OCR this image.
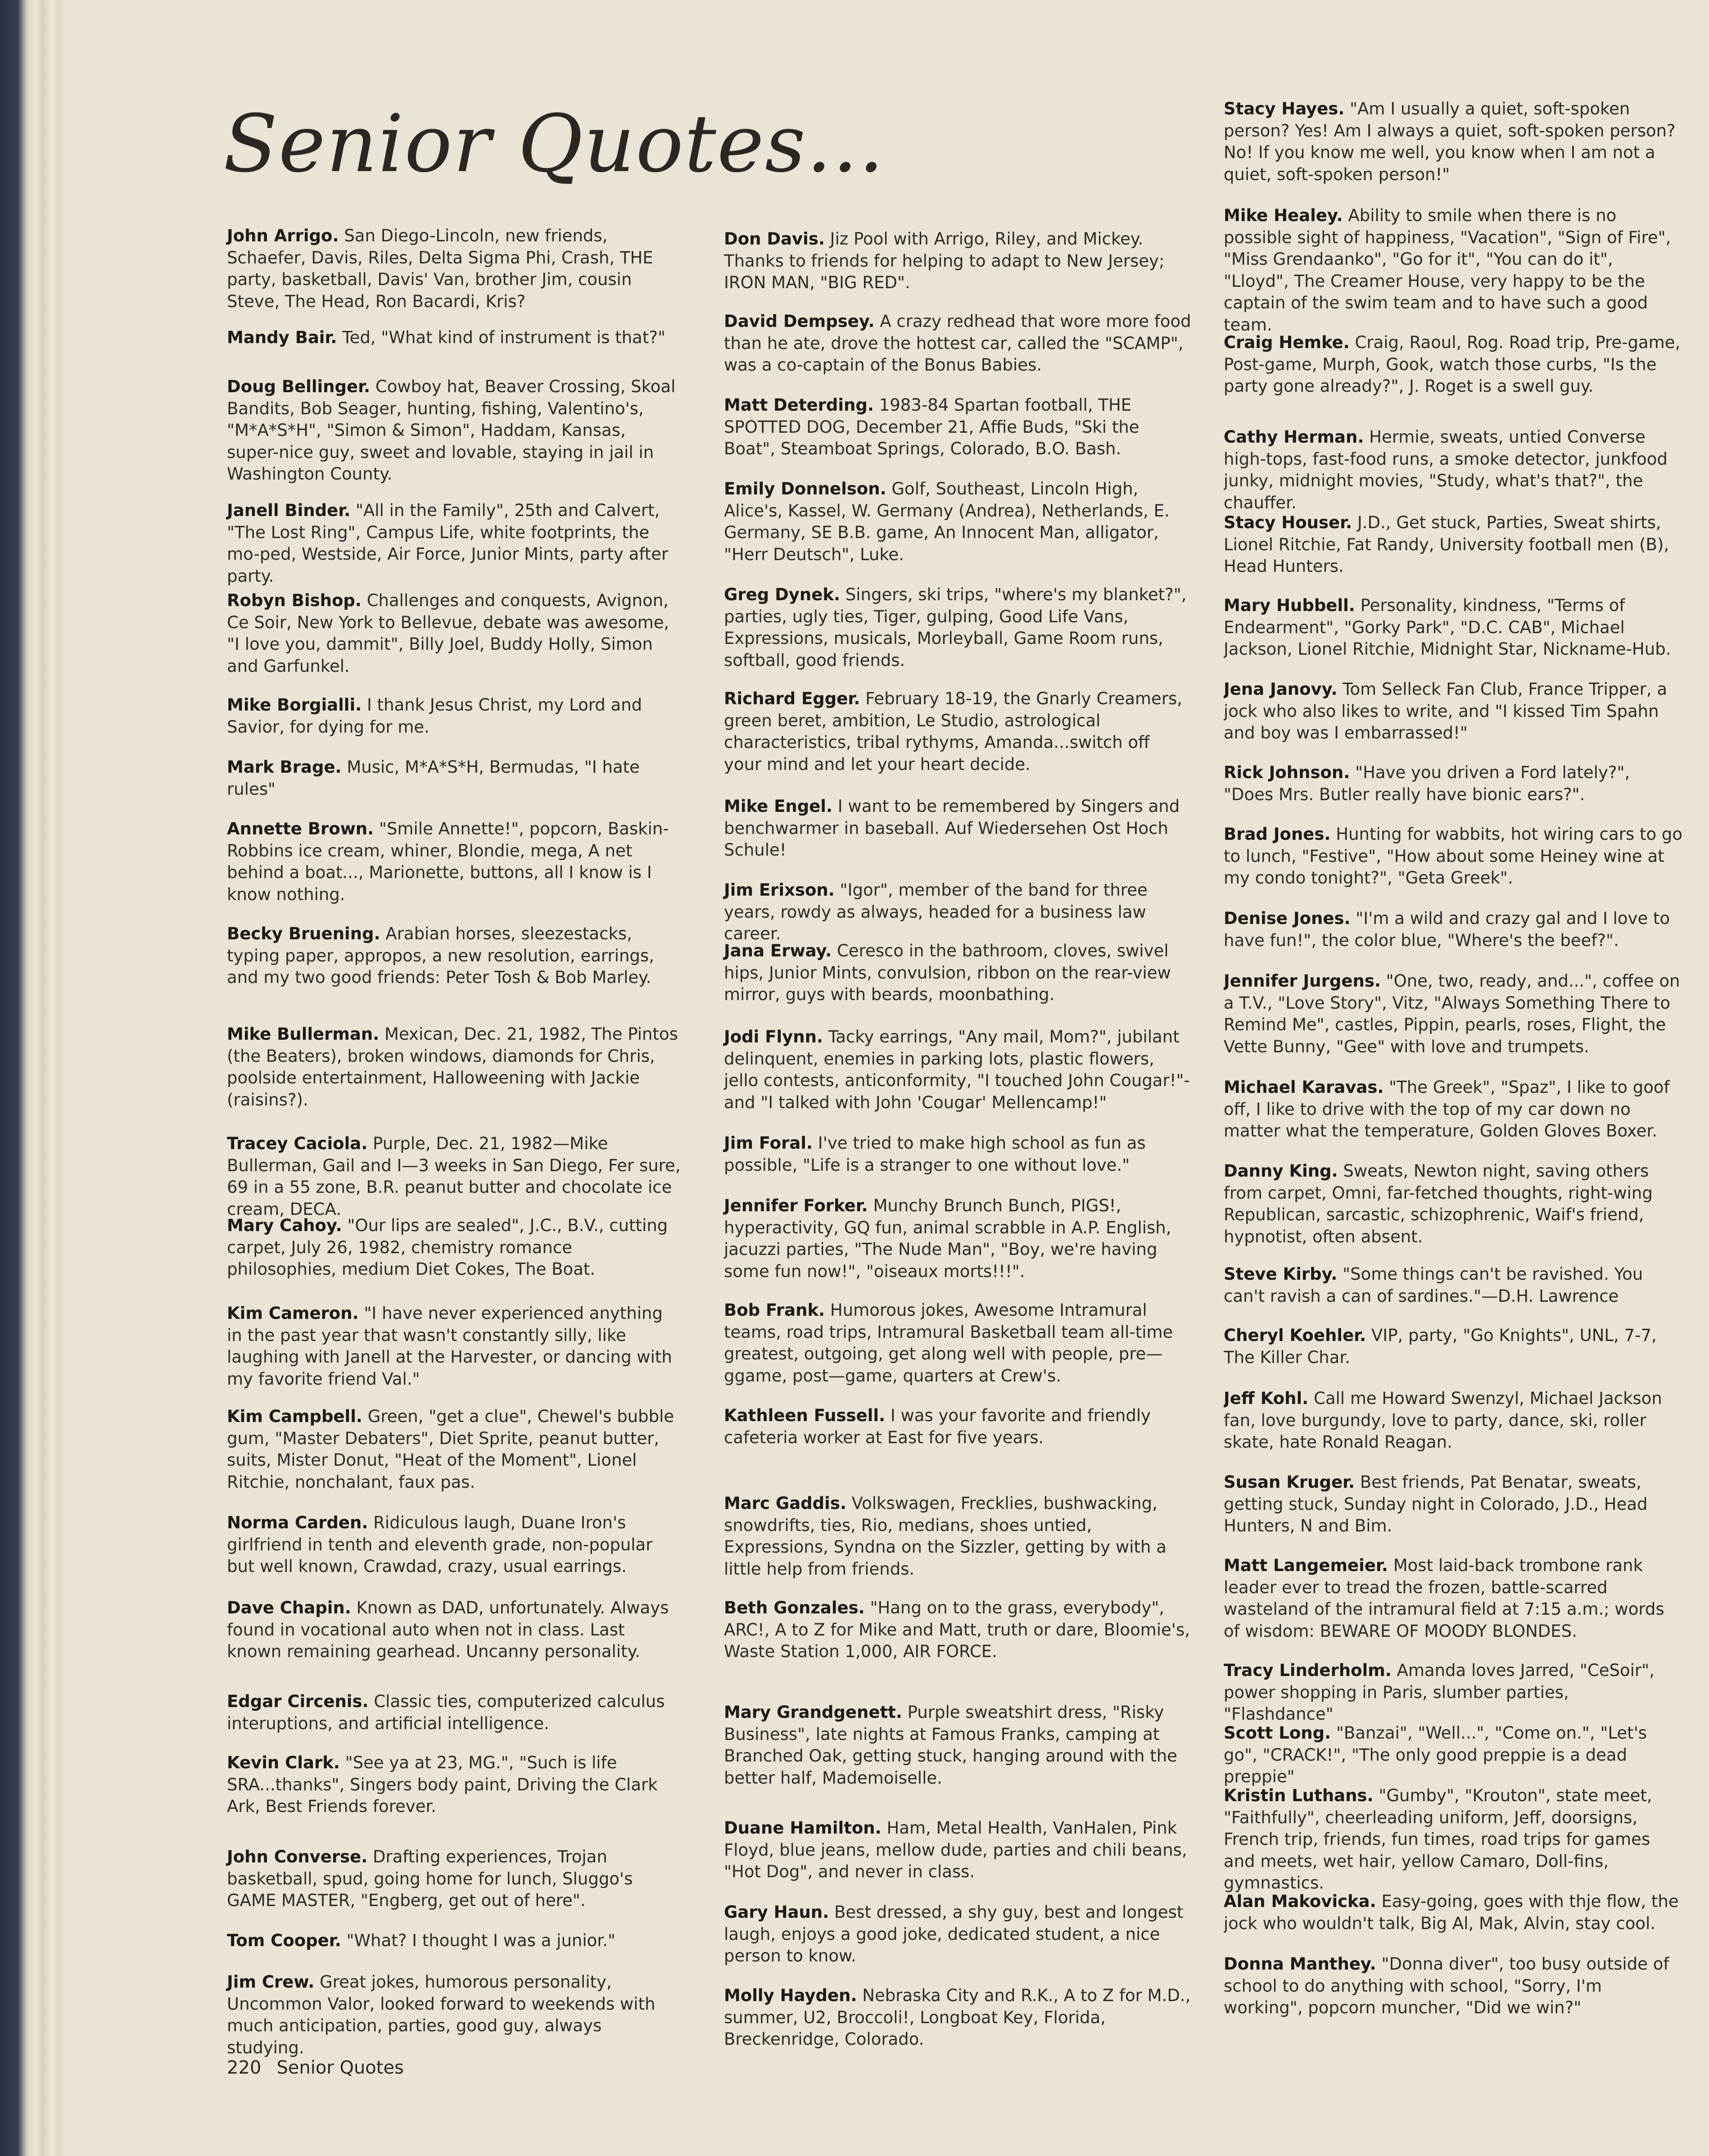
Senior Quotes...

John Arrigo. San Diego-Lincoln, new friends, Schaefer, Davis, Riles, Delta Sigma Phi, Crash, THE party, basketball, Davis' Van, brother Jim, cousin Steve, The Head, Ron Bacardi, Kris?

Mandy Bair. Ted, "What kind of instrument is that?"

Doug Bellinger. Cowboy hat, Beaver Crossing, Skoal Bandits, Bob Seager, hunting, fishing, Valentino's, "M*A*S*H", "Simon & Simon", Haddam, Kansas, super-nice guy, sweet and lovable, staying in jail in Washington County.

Janell Binder. "All in the Family", 25th and Calvert, "The Lost Ring", Campus Life, white footprints, the mo-ped, Westside, Air Force, Junior Mints, party after party.

Robyn Bishop. Challenges and conquests, Avignon, Ce Soir, New York to Bellevue, debate was awesome, "I love you, dammit", Billy Joel, Buddy Holly, Simon and Garfunkel.

Mike Borgialli. I thank Jesus Christ, my Lord and Savior, for dying for me.

Mark Brage. Music, M*A*S*H, Bermudas, "I hate rules"

Annette Brown. "Smile Annette!", popcorn, Baskin-Robbins ice cream, whiner, Blondie, mega, A net behind a boat..., Marionette, buttons, all I know is I know nothing.

Becky Bruening. Arabian horses, sleezestacks, typing paper, appropos, a new resolution, earrings, and my two good friends: Peter Tosh & Bob Marley.

Mike Bullerman. Mexican, Dec. 21, 1982, The Pintos (the Beaters), broken windows, diamonds for Chris, poolside entertainment, Halloweening with Jackie (raisins?).

Tracey Caciola. Purple, Dec. 21, 1982—Mike Bullerman, Gail and I—3 weeks in San Diego, Fer sure, 69 in a 55 zone, B.R. peanut butter and chocolate ice cream, DECA.

Mary Cahoy. "Our lips are sealed", J.C., B.V., cutting carpet, July 26, 1982, chemistry romance philosophies, medium Diet Cokes, The Boat.

Kim Cameron. "I have never experienced anything in the past year that wasn't constantly silly, like laughing with Janell at the Harvester, or dancing with my favorite friend Val."

Kim Campbell. Green, "get a clue", Chewel's bubble gum, "Master Debaters", Diet Sprite, peanut butter, suits, Mister Donut, "Heat of the Moment", Lionel Ritchie, nonchalant, faux pas.

Norma Carden. Ridiculous laugh, Duane Iron's girlfriend in tenth and eleventh grade, non-popular but well known, Crawdad, crazy, usual earrings.

Dave Chapin. Known as DAD, unfortunately. Always found in vocational auto when not in class. Last known remaining gearhead. Uncanny personality.

Edgar Circenis. Classic ties, computerized calculus interuptions, and artificial intelligence.

Kevin Clark. "See ya at 23, MG.", "Such is life SRA...thanks", Singers body paint, Driving the Clark Ark, Best Friends forever.

John Converse. Drafting experiences, Trojan basketball, spud, going home for lunch, Sluggo's GAME MASTER, "Engberg, get out of here".

Tom Cooper. "What? I thought I was a junior."

Jim Crew. Great jokes, humorous personality, Uncommon Valor, looked forward to weekends with much anticipation, parties, good guy, always studying.

Don Davis. Jiz Pool with Arrigo, Riley, and Mickey. Thanks to friends for helping to adapt to New Jersey; IRON MAN, "BIG RED".

David Dempsey. A crazy redhead that wore more food than he ate, drove the hottest car, called the "SCAMP", was a co-captain of the Bonus Babies.

Matt Deterding. 1983-84 Spartan football, THE SPOTTED DOG, December 21, Affie Buds, "Ski the Boat", Steamboat Springs, Colorado, B.O. Bash.

Emily Donnelson. Golf, Southeast, Lincoln High, Alice's, Kassel, W. Germany (Andrea), Netherlands, E. Germany, SE B.B. game, An Innocent Man, alligator, "Herr Deutsch", Luke.

Greg Dynek. Singers, ski trips, "where's my blanket?", parties, ugly ties, Tiger, gulping, Good Life Vans, Expressions, musicals, Morleyball, Game Room runs, softball, good friends.

Richard Egger. February 18-19, the Gnarly Creamers, green beret, ambition, Le Studio, astrological characteristics, tribal rythyms, Amanda...switch off your mind and let your heart decide.

Mike Engel. I want to be remembered by Singers and benchwarmer in baseball. Auf Wiedersehen Ost Hoch Schule!

Jim Erixson. "Igor", member of the band for three years, rowdy as always, headed for a business law career.

Jana Erway. Ceresco in the bathroom, cloves, swivel hips, Junior Mints, convulsion, ribbon on the rear-view mirror, guys with beards, moonbathing.

Jodi Flynn. Tacky earrings, "Any mail, Mom?", jubilant delinquent, enemies in parking lots, plastic flowers, jello contests, anticonformity, "I touched John Cougar!"-and "I talked with John 'Cougar' Mellencamp!"

Jim Foral. I've tried to make high school as fun as possible, "Life is a stranger to one without love."

Jennifer Forker. Munchy Brunch Bunch, PIGS!, hyperactivity, GQ fun, animal scrabble in A.P. English, jacuzzi parties, "The Nude Man", "Boy, we're having some fun now!", "oiseaux morts!!!".

Bob Frank. Humorous jokes, Awesome Intramural teams, road trips, Intramural Basketball team all-time greatest, outgoing, get along well with people, pre—ggame, post—game, quarters at Crew's.

Kathleen Fussell. I was your favorite and friendly cafeteria worker at East for five years.

Marc Gaddis. Volkswagen, Frecklies, bushwacking, snowdrifts, ties, Rio, medians, shoes untied, Expressions, Syndna on the Sizzler, getting by with a little help from friends.

Beth Gonzales. "Hang on to the grass, everybody", ARC!, A to Z for Mike and Matt, truth or dare, Bloomie's, Waste Station 1,000, AIR FORCE.

Mary Grandgenett. Purple sweatshirt dress, "Risky Business", late nights at Famous Franks, camping at Branched Oak, getting stuck, hanging around with the better half, Mademoiselle.

Duane Hamilton. Ham, Metal Health, VanHalen, Pink Floyd, blue jeans, mellow dude, parties and chili beans, "Hot Dog", and never in class.

Gary Haun. Best dressed, a shy guy, best and longest laugh, enjoys a good joke, dedicated student, a nice person to know.

Molly Hayden. Nebraska City and R.K., A to Z for M.D., summer, U2, Broccoli!, Longboat Key, Florida, Breckenridge, Colorado.

Stacy Hayes. "Am I usually a quiet, soft-spoken person? Yes! Am I always a quiet, soft-spoken person? No! If you know me well, you know when I am not a quiet, soft-spoken person!"

Mike Healey. Ability to smile when there is no possible sight of happiness, "Vacation", "Sign of Fire", "Miss Grendaanko", "Go for it", "You can do it", "Lloyd", The Creamer House, very happy to be the captain of the swim team and to have such a good team.

Craig Hemke. Craig, Raoul, Rog. Road trip, Pre-game, Post-game, Murph, Gook, watch those curbs, "Is the party gone already?", J. Roget is a swell guy.

Cathy Herman. Hermie, sweats, untied Converse high-tops, fast-food runs, a smoke detector, junkfood junky, midnight movies, "Study, what's that?", the chauffer.

Stacy Houser. J.D., Get stuck, Parties, Sweat shirts, Lionel Ritchie, Fat Randy, University football men (B), Head Hunters.

Mary Hubbell. Personality, kindness, "Terms of Endearment", "Gorky Park", "D.C. CAB", Michael Jackson, Lionel Ritchie, Midnight Star, Nickname-Hub.

Jena Janovy. Tom Selleck Fan Club, France Tripper, a jock who also likes to write, and "I kissed Tim Spahn and boy was I embarrassed!"

Rick Johnson. "Have you driven a Ford lately?", "Does Mrs. Butler really have bionic ears?".

Brad Jones. Hunting for wabbits, hot wiring cars to go to lunch, "Festive", "How about some Heiney wine at my condo tonight?", "Geta Greek".

Denise Jones. "I'm a wild and crazy gal and I love to have fun!", the color blue, "Where's the beef?".

Jennifer Jurgens. "One, two, ready, and...", coffee on a T.V., "Love Story", Vitz, "Always Something There to Remind Me", castles, Pippin, pearls, roses, Flight, the Vette Bunny, "Gee" with love and trumpets.

Michael Karavas. "The Greek", "Spaz", I like to goof off, I like to drive with the top of my car down no matter what the temperature, Golden Gloves Boxer.

Danny King. Sweats, Newton night, saving others from carpet, Omni, far-fetched thoughts, right-wing Republican, sarcastic, schizophrenic, Waif's friend, hypnotist, often absent.

Steve Kirby. "Some things can't be ravished. You can't ravish a can of sardines."—D.H. Lawrence

Cheryl Koehler. VIP, party, "Go Knights", UNL, 7-7, The Killer Char.

Jeff Kohl. Call me Howard Swenzyl, Michael Jackson fan, love burgundy, love to party, dance, ski, roller skate, hate Ronald Reagan.

Susan Kruger. Best friends, Pat Benatar, sweats, getting stuck, Sunday night in Colorado, J.D., Head Hunters, N and Bim.

Matt Langemeier. Most laid-back trombone rank leader ever to tread the frozen, battle-scarred wasteland of the intramural field at 7:15 a.m.; words of wisdom: BEWARE OF MOODY BLONDES.

Tracy Linderholm. Amanda loves Jarred, "CeSoir", power shopping in Paris, slumber parties, "Flashdance"

Scott Long. "Banzai", "Well...", "Come on.", "Let's go", "CRACK!", "The only good preppie is a dead preppie"

Kristin Luthans. "Gumby", "Krouton", state meet, "Faithfully", cheerleading uniform, Jeff, doorsigns, French trip, friends, fun times, road trips for games and meets, wet hair, yellow Camaro, Doll-fins, gymnastics.

Alan Makovicka. Easy-going, goes with thje flow, the jock who wouldn't talk, Big Al, Mak, Alvin, stay cool.

Donna Manthey. "Donna diver", too busy outside of school to do anything with school, "Sorry, I'm working", popcorn muncher, "Did we win?"

220 Senior Quotes
